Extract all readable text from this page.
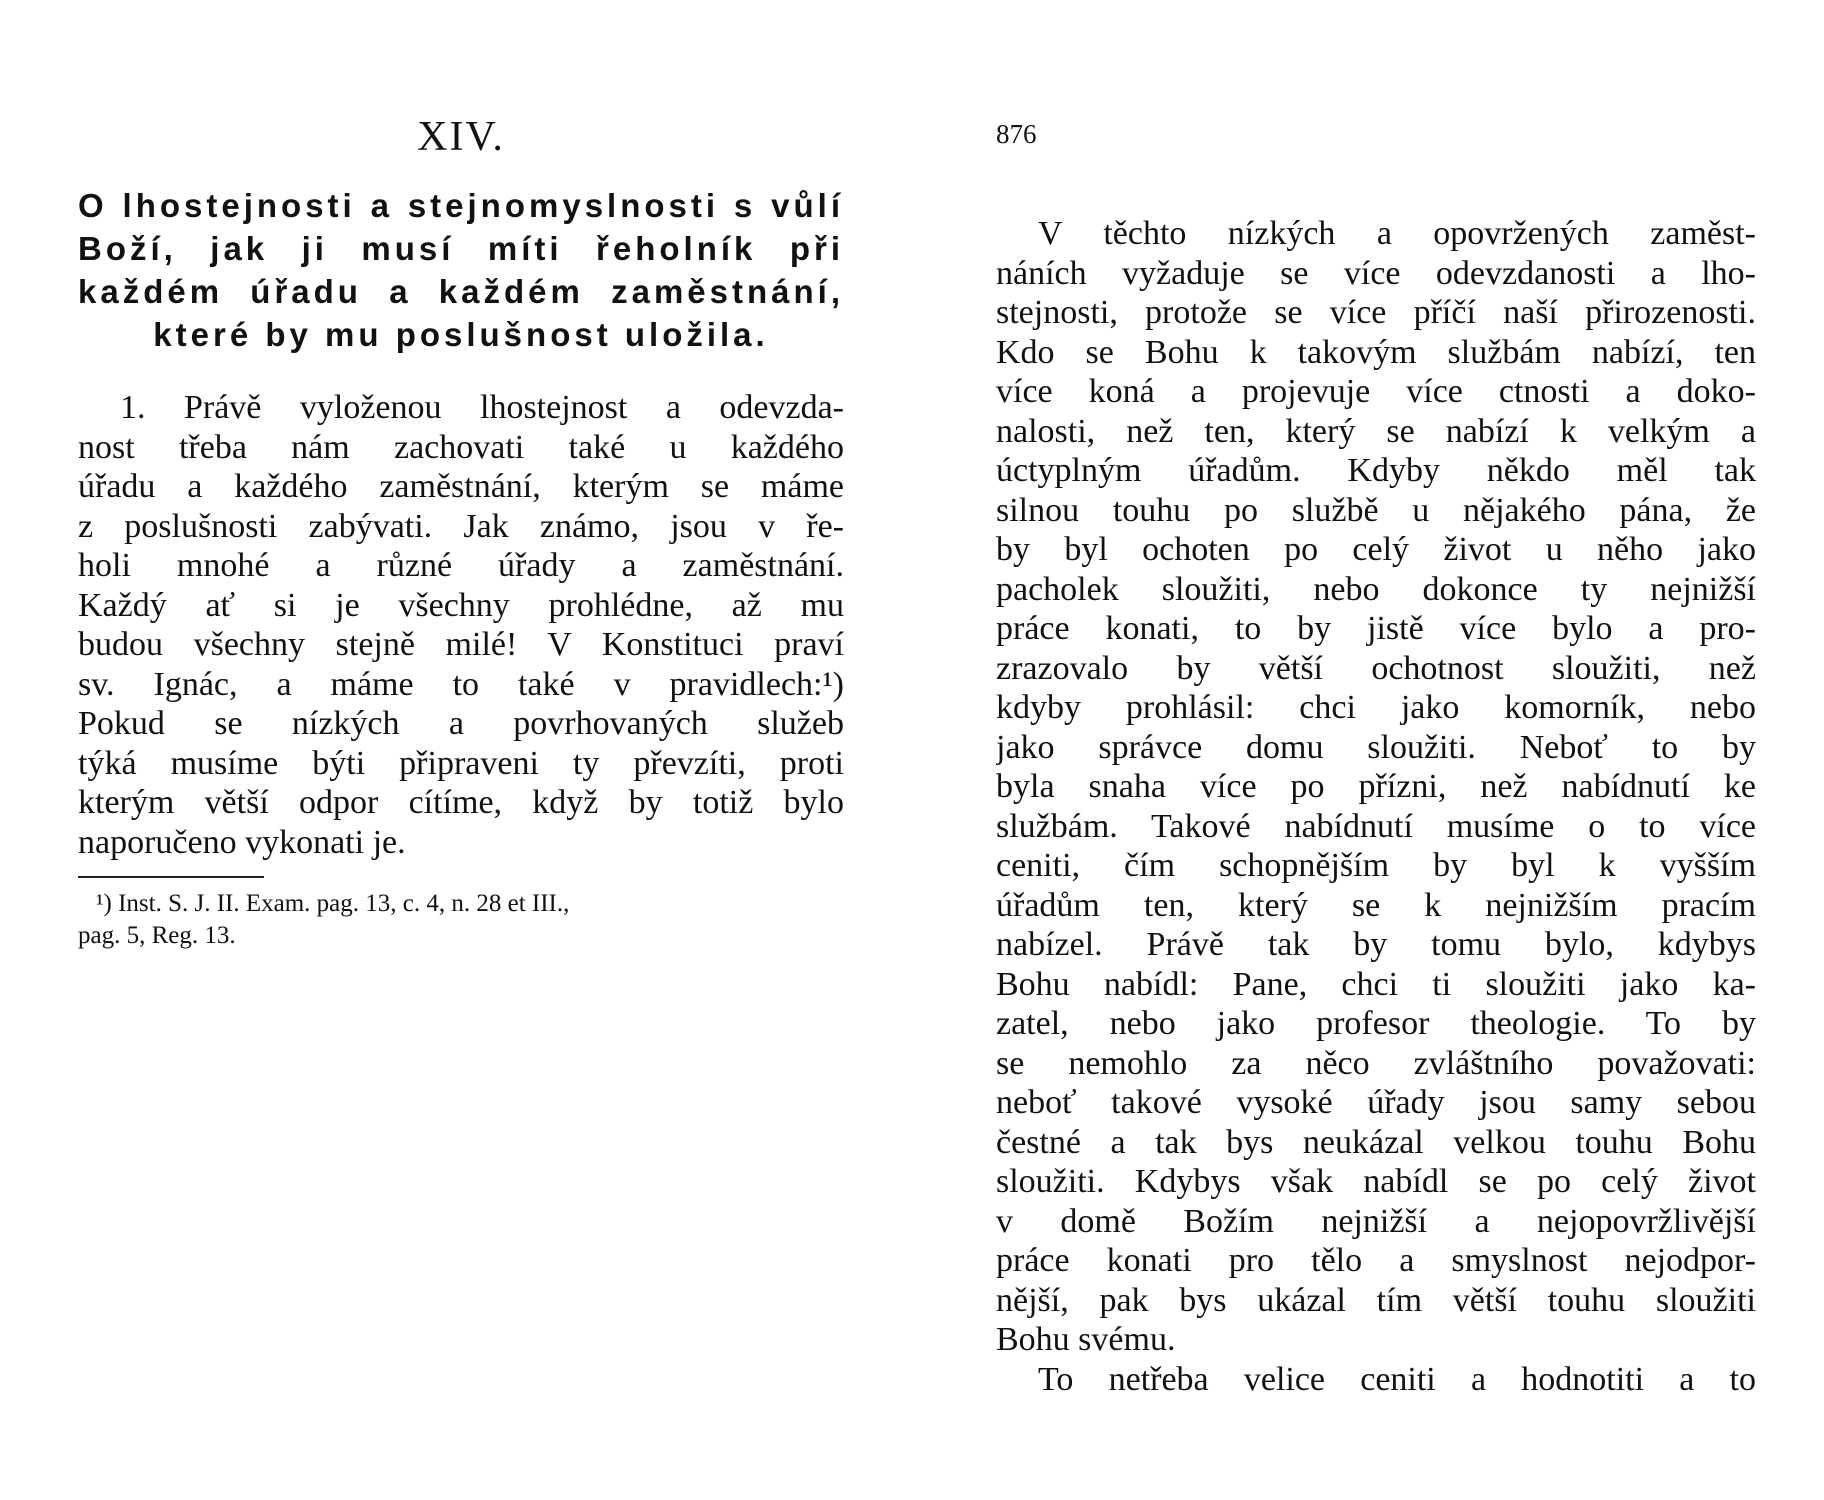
XIV.
O lhostejnosti a stejnomyslnosti s vůlí
Boží, jak ji musí míti řeholník při
každém úřadu a každém zaměstnání,
které by mu poslušnost uložila.
1. Právě vyloženou lhostejnost a odevzda-
nost třeba nám zachovati také u každého
úřadu a každého zaměstnání, kterým se máme
z poslušnosti zabývati. Jak známo, jsou v ře-
holi mnohé a různé úřady a zaměstnání.
Každý ať si je všechny prohlédne, až mu
budou všechny stejně milé! V Konstituci praví
sv. Ignác, a máme to také v pravidlech:¹)
Pokud se nízkých a povrhovaných služeb
týká musíme býti připraveni ty převzíti, proti
kterým větší odpor cítíme, když by totiž bylo
naporučeno vykonati je.
¹) Inst. S. J. II. Exam. pag. 13, c. 4, n. 28 et III.,
pag. 5, Reg. 13.
876
V těchto nízkých a opovržených zaměst-
náních vyžaduje se více odevzdanosti a lho-
stejnosti, protože se více příčí naší přirozenosti.
Kdo se Bohu k takovým službám nabízí, ten
více koná a projevuje více ctnosti a doko-
nalosti, než ten, který se nabízí k velkým a
úctyplným úřadům. Kdyby někdo měl tak
silnou touhu po službě u nějakého pána, že
by byl ochoten po celý život u něho jako
pacholek sloužiti, nebo dokonce ty nejnižší
práce konati, to by jistě více bylo a pro-
zrazovalo by větší ochotnost sloužiti, než
kdyby prohlásil: chci jako komorník, nebo
jako správce domu sloužiti. Neboť to by
byla snaha více po přízni, než nabídnutí ke
službám. Takové nabídnutí musíme o to více
ceniti, čím schopnějším by byl k vyšším
úřadům ten, který se k nejnižším pracím
nabízel. Právě tak by tomu bylo, kdybys
Bohu nabídl: Pane, chci ti sloužiti jako ka-
zatel, nebo jako profesor theologie. To by
se nemohlo za něco zvláštního považovati:
neboť takové vysoké úřady jsou samy sebou
čestné a tak bys neukázal velkou touhu Bohu
sloužiti. Kdybys však nabídl se po celý život
v domě Božím nejnižší a nejopovržlivější
práce konati pro tělo a smyslnost nejodpor-
nější, pak bys ukázal tím větší touhu sloužiti
Bohu svému.
To netřeba velice ceniti a hodnotiti a to
